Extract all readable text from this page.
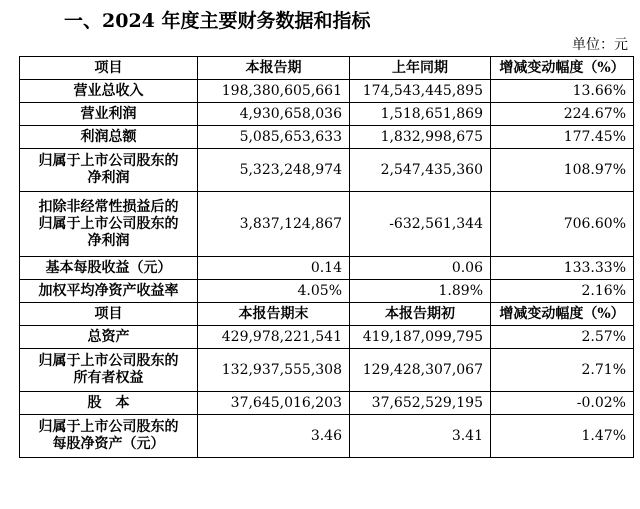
一、2024 年度主要财务数据和指标
单位：元
项目	本报告期	上年同期	增减变动幅度（%）
营业总收入	198,380,605,661	174,543,445,895	13.66%
营业利润	4,930,658,036	1,518,651,869	224.67%
利润总额	5,085,653,633	1,832,998,675	177.45%
归属于上市公司股东的
净利润	5,323,248,974	2,547,435,360	108.97%
扣除非经常性损益后的
归属于上市公司股东的
净利润	3,837,124,867	-632,561,344	706.60%
基本每股收益（元）	0.14	0.06	133.33%
加权平均净资产收益率	4.05%	1.89%	2.16%
项目	本报告期末	本报告期初	增减变动幅度（%）
总资产	429,978,221,541	419,187,099,795	2.57%
归属于上市公司股东的
所有者权益	132,937,555,308	129,428,307,067	2.71%
股　本	37,645,016,203	37,652,529,195	-0.02%
归属于上市公司股东的
每股净资产（元）	3.46	3.41	1.47%
